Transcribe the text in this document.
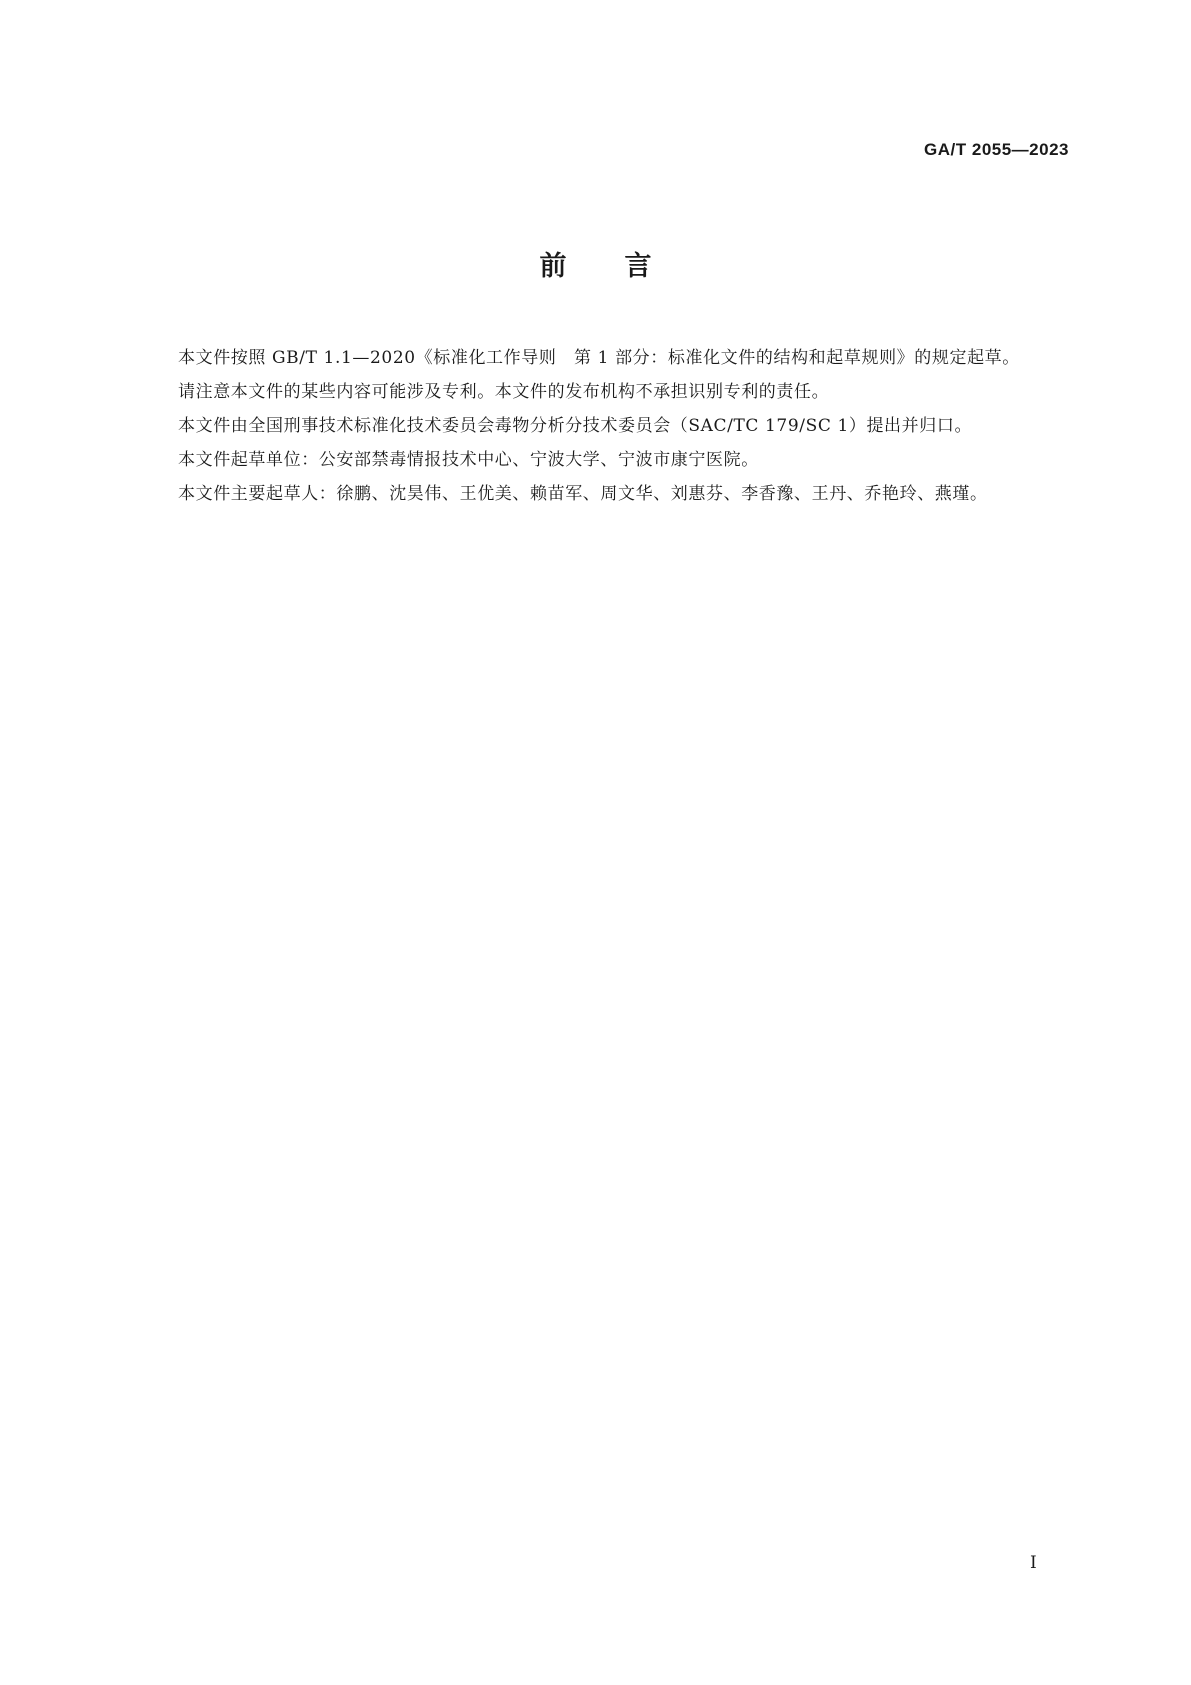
GA/T 2055—2023
前言

本文件按照 GB/T 1.1—2020《标准化工作导则　第 1 部分：标准化文件的结构和起草规则》的规定起草。

请注意本文件的某些内容可能涉及专利。本文件的发布机构不承担识别专利的责任。

本文件由全国刑事技术标准化技术委员会毒物分析分技术委员会（SAC/TC 179/SC 1）提出并归口。

本文件起草单位：公安部禁毒情报技术中心、宁波大学、宁波市康宁医院。

本文件主要起草人：徐鹏、沈昊伟、王优美、赖苗军、周文华、刘惠芬、李香豫、王丹、乔艳玲、燕瑾。

I
